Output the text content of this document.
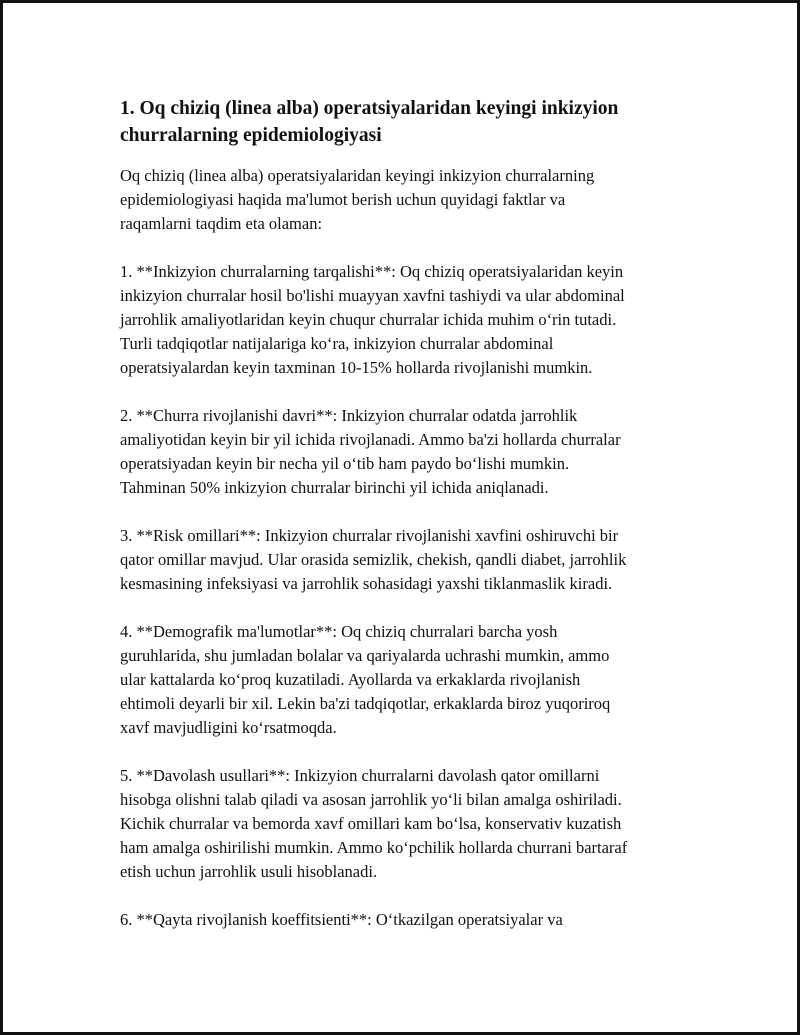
1. Oq chiziq (linea alba) operatsiyalaridan keyingi inkizyion
churralarning epidemiologiyasi
Oq chiziq (linea alba) operatsiyalaridan keyingi inkizyion churralarning
epidemiologiyasi haqida ma'lumot berish uchun quyidagi faktlar va
raqamlarni taqdim eta olaman:
1. **Inkizyion churralarning tarqalishi**: Oq chiziq operatsiyalaridan keyin
inkizyion churralar hosil bo'lishi muayyan xavfni tashiydi va ular abdominal
jarrohlik amaliyotlaridan keyin chuqur churralar ichida muhim oʻrin tutadi.
Turli tadqiqotlar natijalariga koʻra, inkizyion churralar abdominal
operatsiyalardan keyin taxminan 10-15% hollarda rivojlanishi mumkin.
2. **Churra rivojlanishi davri**: Inkizyion churralar odatda jarrohlik
amaliyotidan keyin bir yil ichida rivojlanadi. Ammo ba'zi hollarda churralar
operatsiyadan keyin bir necha yil oʻtib ham paydo boʻlishi mumkin.
Tahminan 50% inkizyion churralar birinchi yil ichida aniqlanadi.
3. **Risk omillari**: Inkizyion churralar rivojlanishi xavfini oshiruvchi bir
qator omillar mavjud. Ular orasida semizlik, chekish, qandli diabet, jarrohlik
kesmasining infeksiyasi va jarrohlik sohasidagi yaxshi tiklanmaslik kiradi.
4. **Demografik ma'lumotlar**: Oq chiziq churralari barcha yosh
guruhlarida, shu jumladan bolalar va qariyalarda uchrashi mumkin, ammo
ular kattalarda koʻproq kuzatiladi. Ayollarda va erkaklarda rivojlanish
ehtimoli deyarli bir xil. Lekin ba'zi tadqiqotlar, erkaklarda biroz yuqoriroq
xavf mavjudligini koʻrsatmoqda.
5. **Davolash usullari**: Inkizyion churralarni davolash qator omillarni
hisobga olishni talab qiladi va asosan jarrohlik yoʻli bilan amalga oshiriladi.
Kichik churralar va bemorda xavf omillari kam boʻlsa, konservativ kuzatish
ham amalga oshirilishi mumkin. Ammo koʻpchilik hollarda churrani bartaraf
etish uchun jarrohlik usuli hisoblanadi.
6. **Qayta rivojlanish koeffitsienti**: Oʻtkazilgan operatsiyalar va
